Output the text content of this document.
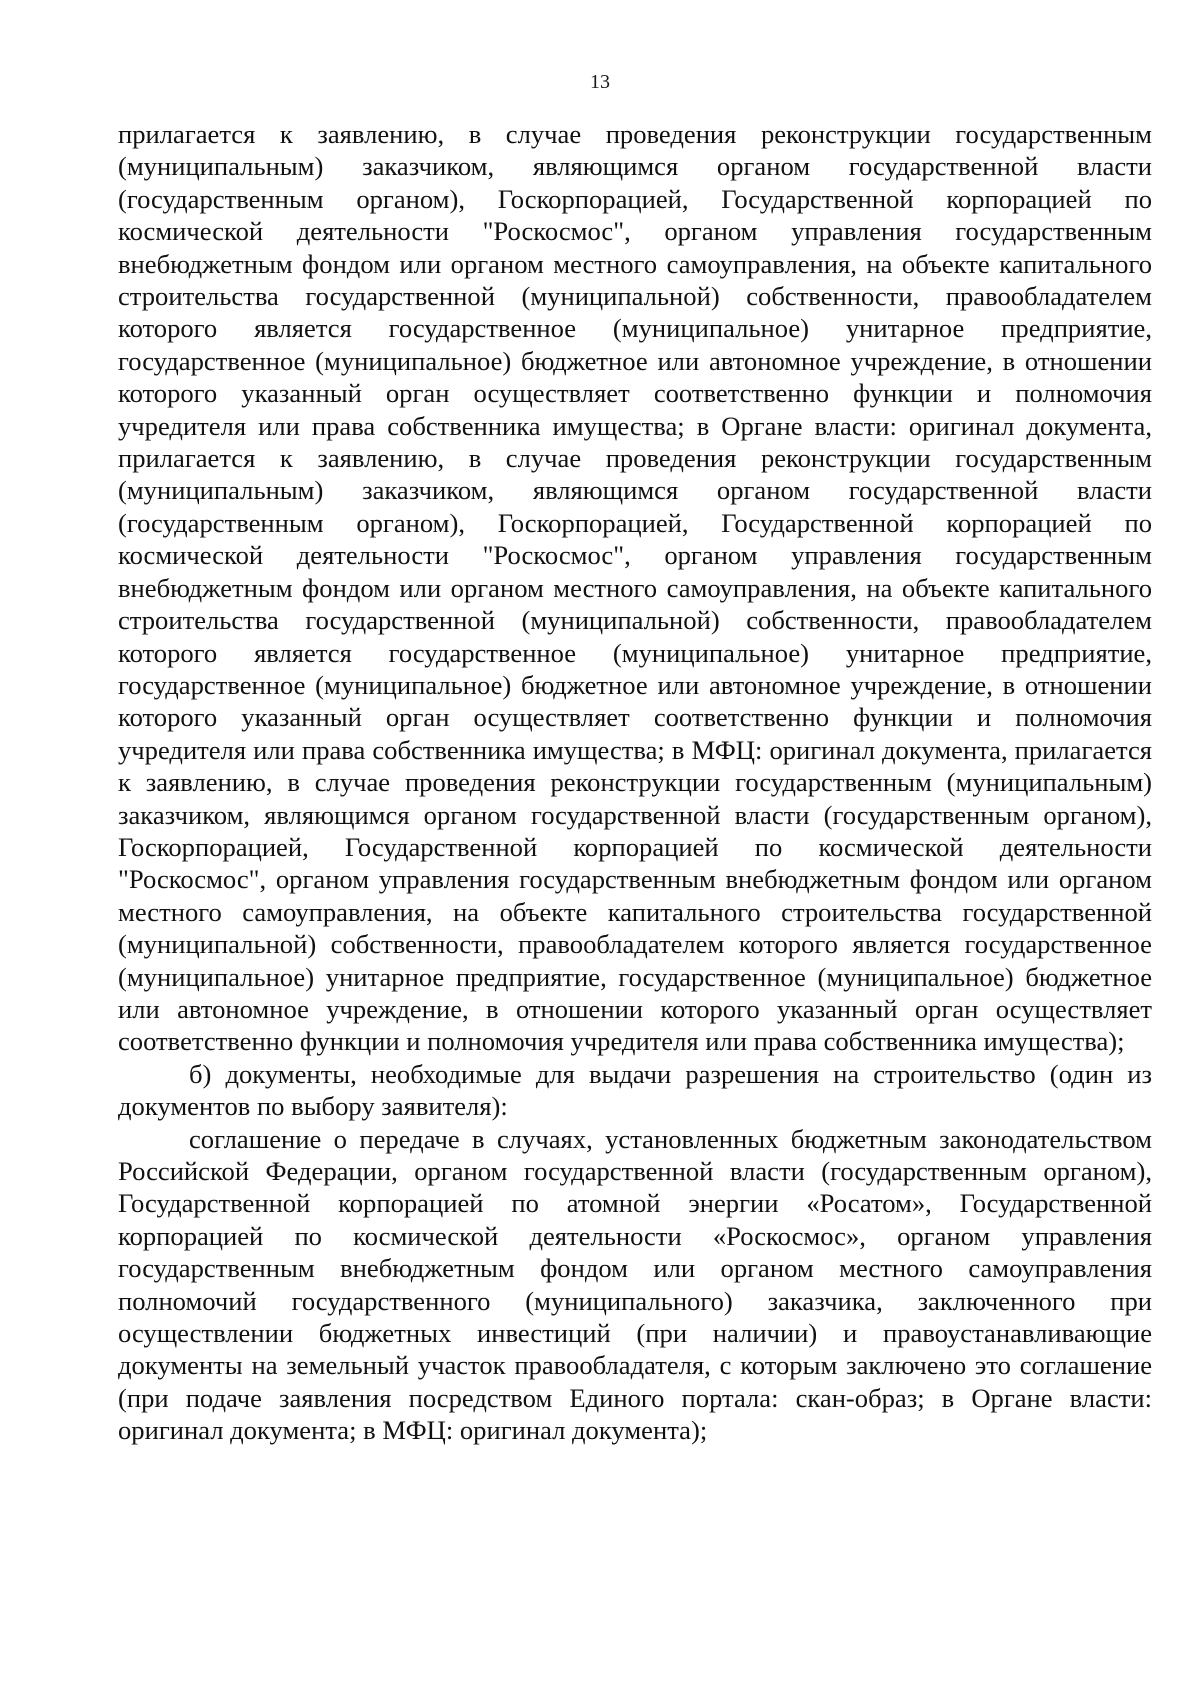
13

прилагается к заявлению, в случае проведения реконструкции государственным (муниципальным) заказчиком, являющимся органом государственной власти (государственным органом), Госкорпорацией, Государственной корпорацией по космической деятельности "Роскосмос", органом управления государственным внебюджетным фондом или органом местного самоуправления, на объекте капитального строительства государственной (муниципальной) собственности, правообладателем которого является государственное (муниципальное) унитарное предприятие, государственное (муниципальное) бюджетное или автономное учреждение, в отношении которого указанный орган осуществляет соответственно функции и полномочия учредителя или права собственника имущества; в Органе власти: оригинал документа, прилагается к заявлению, в случае проведения реконструкции государственным (муниципальным) заказчиком, являющимся органом государственной власти (государственным органом), Госкорпорацией, Государственной корпорацией по космической деятельности "Роскосмос", органом управления государственным внебюджетным фондом или органом местного самоуправления, на объекте капитального строительства государственной (муниципальной) собственности, правообладателем которого является государственное (муниципальное) унитарное предприятие, государственное (муниципальное) бюджетное или автономное учреждение, в отношении которого указанный орган осуществляет соответственно функции и полномочия учредителя или права собственника имущества; в МФЦ: оригинал документа, прилагается к заявлению, в случае проведения реконструкции государственным (муниципальным) заказчиком, являющимся органом государственной власти (государственным органом), Госкорпорацией, Государственной корпорацией по космической деятельности "Роскосмос", органом управления государственным внебюджетным фондом или органом местного самоуправления, на объекте капитального строительства государственной (муниципальной) собственности, правообладателем которого является государственное (муниципальное) унитарное предприятие, государственное (муниципальное) бюджетное или автономное учреждение, в отношении которого указанный орган осуществляет соответственно функции и полномочия учредителя или права собственника имущества);

б) документы, необходимые для выдачи разрешения на строительство (один из документов по выбору заявителя):

соглашение о передаче в случаях, установленных бюджетным законодательством Российской Федерации, органом государственной власти (государственным органом), Государственной корпорацией по атомной энергии «Росатом», Государственной корпорацией по космической деятельности «Роскосмос», органом управления государственным внебюджетным фондом или органом местного самоуправления полномочий государственного (муниципального) заказчика, заключенного при осуществлении бюджетных инвестиций (при наличии) и правоустанавливающие документы на земельный участок правообладателя, с которым заключено это соглашение (при подаче заявления посредством Единого портала: скан-образ; в Органе власти: оригинал документа; в МФЦ: оригинал документа);
